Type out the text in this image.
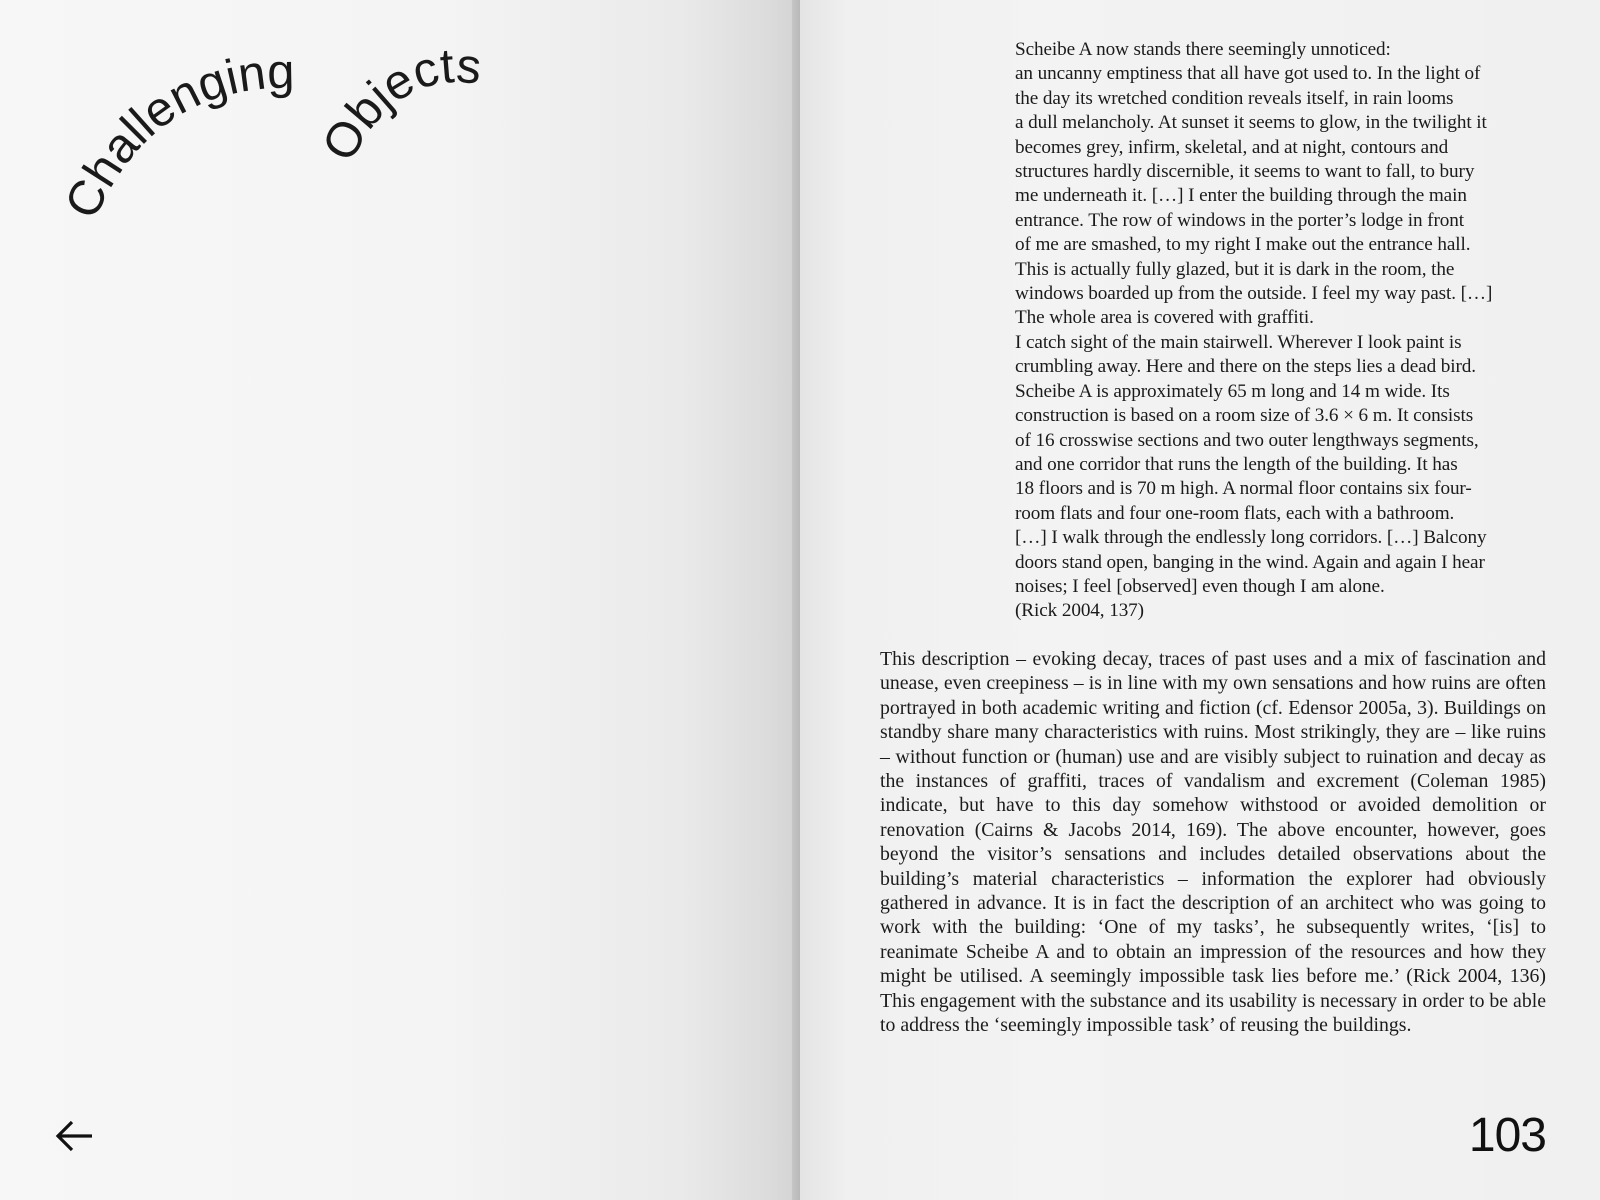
Challenging
Objects	Scheibe A now stands there seemingly unnoticed:
an uncanny emptiness that all have got used to. In the light of
the day its wretched condition reveals itself, in rain looms
a dull melancholy. At sunset it seems to glow, in the twilight it
becomes grey, infirm, skeletal, and at night, contours and
structures hardly discernible, it seems to want to fall, to bury
me underneath it. […] I enter the building through the main
entrance. The row of windows in the porter’s lodge in front
of me are smashed, to my right I make out the entrance hall.
This is actually fully glazed, but it is dark in the room, the
windows boarded up from the outside. I feel my way past. […]
The whole area is covered with graffiti.
I catch sight of the main stairwell. Wherever I look paint is
crumbling away. Here and there on the steps lies a dead bird.
Scheibe A is approximately 65 m long and 14 m wide. Its
construction is based on a room size of 3.6 × 6 m. It consists
of 16 crosswise sections and two outer lengthways segments,
and one corridor that runs the length of the building. It has
18 floors and is 70 m high. A normal floor contains six four-
room flats and four one-room flats, each with a bathroom.
[…] I walk through the endlessly long corridors. […] Balcony
doors stand open, banging in the wind. Again and again I hear
noises; I feel [observed] even though I am alone.
(Rick 2004, 137)

This description – evoking decay, traces of past uses and a mix of fascination and unease, even creepiness – is in line with my own sensations and how ruins are often portrayed in both academic writing and fiction (cf. Edensor 2005a, 3). Buildings on standby share many characteristics with ruins. Most strikingly, they are – like ruins – without function or (human) use and are visibly subject to ruination and decay as the instances of graffiti, traces of vandalism and excrement (Coleman 1985) indicate, but have to this day somehow withstood or avoided demolition or renovation (Cairns & Jacobs 2014, 169). The above encounter, however, goes beyond the visitor’s sensations and includes detailed observations about the building’s material characteristics – information the explorer had obviously gathered in advance. It is in fact the description of an architect who was going to work with the building: ‘One of my tasks’, he subsequently writes, ‘[is] to reanimate Scheibe A and to obtain an impression of the resources and how they might be utilised. A seemingly impossible task lies before me.’ (Rick 2004, 136) This engagement with the substance and its usability is necessary in order to be able to address the ‘seemingly impossible task’ of reusing the buildings.

103
